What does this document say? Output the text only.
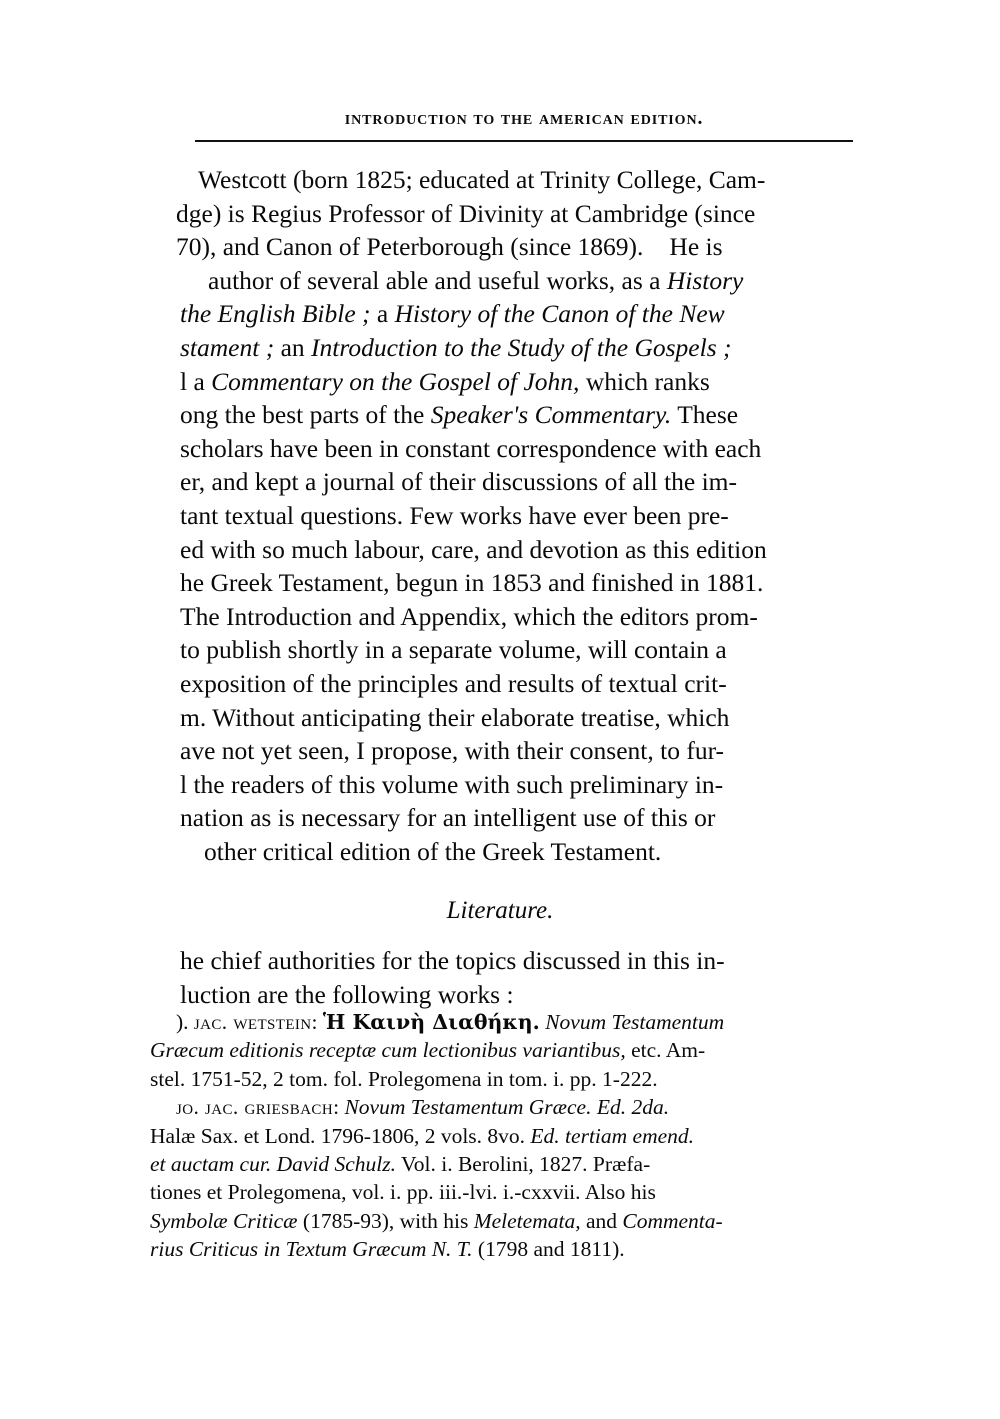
introduction to the american edition.
Westcott (born 1825; educated at Trinity College, Cam-
dge) is Regius Professor of Divinity at Cambridge (since
70), and Canon of Peterborough (since 1869). He is
author of several able and useful works, as a History
the English Bible ; a History of the Canon of the New
stament ; an Introduction to the Study of the Gospels ;
l a Commentary on the Gospel of John, which ranks
ong the best parts of the Speaker's Commentary. These
scholars have been in constant correspondence with each
er, and kept a journal of their discussions of all the im-
tant textual questions. Few works have ever been pre-
ed with so much labour, care, and devotion as this edition
he Greek Testament, begun in 1853 and finished in 1881.
The Introduction and Appendix, which the editors prom-
to publish shortly in a separate volume, will contain a
exposition of the principles and results of textual crit-
m. Without anticipating their elaborate treatise, which
ave not yet seen, I propose, with their consent, to fur-
l the readers of this volume with such preliminary in-
nation as is necessary for an intelligent use of this or
other critical edition of the Greek Testament.
Literature.
he chief authorities for the topics discussed in this in-
luction are the following works :
). jac. wetstein: Ἡ Καινὴ Διαθήκη. Novum Testamentum
Græcum editionis receptæ cum lectionibus variantibus, etc. Am-
stel. 1751-52, 2 tom. fol. Prolegomena in tom. i. pp. 1-222.
jo. jac. griesbach: Novum Testamentum Græce. Ed. 2da.
Halæ Sax. et Lond. 1796-1806, 2 vols. 8vo. Ed. tertiam emend.
et auctam cur. David Schulz. Vol. i. Berolini, 1827. Præfa-
tiones et Prolegomena, vol. i. pp. iii.-lvi. i.-cxxvii. Also his
Symbolæ Criticæ (1785-93), with his Meletemata, and Commenta-
rius Criticus in Textum Græcum N. T. (1798 and 1811).
